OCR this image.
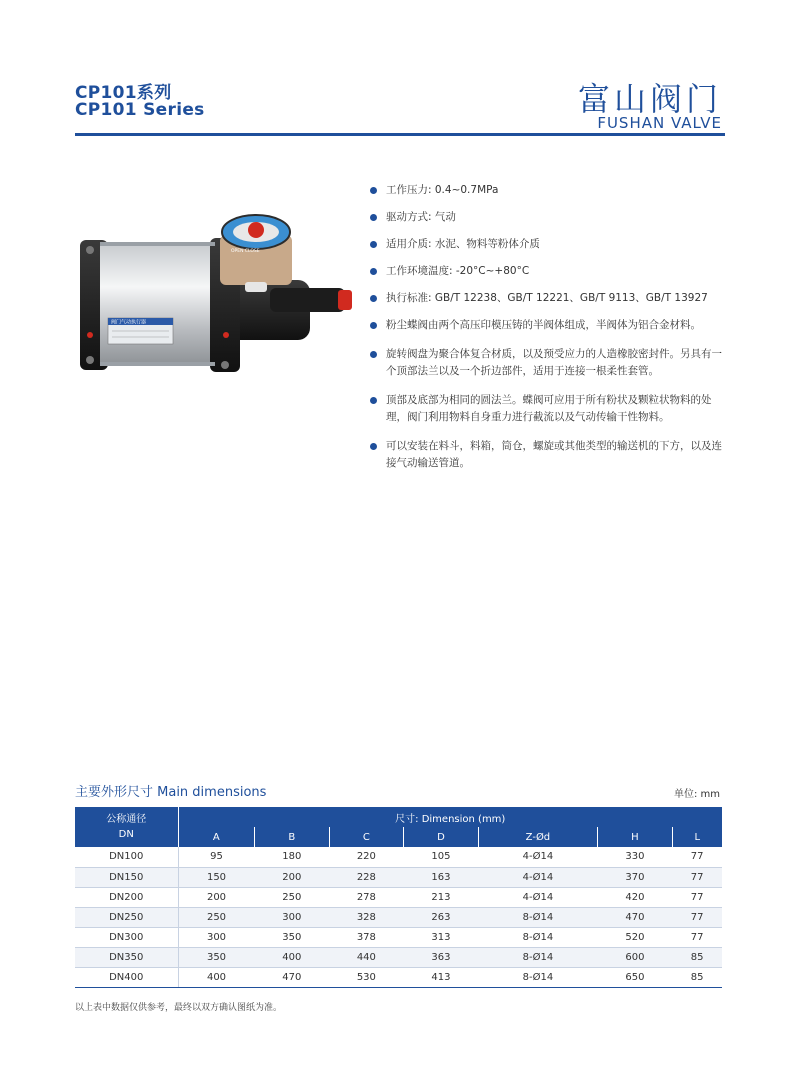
CP101系列
CP101 Series	富山阀门
FUSHAN VALVE
阀门气动执行器
OPEN CLOSE
工作压力: 0.4~0.7MPa
驱动方式: 气动
适用介质: 水泥、物料等粉体介质
工作环境温度: -20°C~+80°C
执行标准: GB/T 12238、GB/T 12221、GB/T 9113、GB/T 13927
粉尘蝶阀由两个高压印模压铸的半阀体组成，半阀体为铝合金材料。
旋转阀盘为聚合体复合材质，以及预受应力的人造橡胶密封件。另具有一个顶部法兰以及一个折边部件，适用于连接一根柔性套管。
顶部及底部为相同的圆法兰。蝶阀可应用于所有粉状及颗粒状物料的处理，阀门利用物料自身重力进行截流以及气动传输干性物料。
可以安装在料斗，料箱，筒仓，螺旋或其他类型的输送机的下方，以及连接气动输送管道。
主要外形尺寸 Main dimensions	单位: mm
公称通径
DN	尺寸: Dimension (mm)						
	A	B	C	D	Z-Ød	H	L
DN100	95	180	220	105	4-Ø14	330	77
DN150	150	200	228	163	4-Ø14	370	77
DN200	200	250	278	213	4-Ø14	420	77
DN250	250	300	328	263	8-Ø14	470	77
DN300	300	350	378	313	8-Ø14	520	77
DN350	350	400	440	363	8-Ø14	600	85
DN400	400	470	530	413	8-Ø14	650	85
以上表中数据仅供参考，最终以双方确认图纸为准。
